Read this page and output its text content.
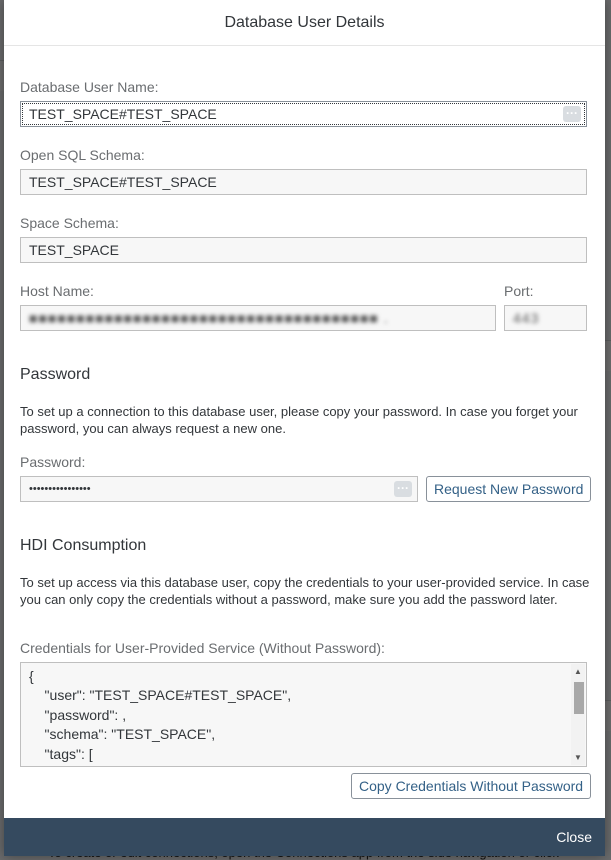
Database User Details
Database User Name:
TEST_SPACE#TEST_SPACE	···
Open SQL Schema:
TEST_SPACE#TEST_SPACE
Space Schema:
TEST_SPACE
Host Name:
■■■■■■■■■■■■■■■■■■■■■■■■■■■■■■■■■■■■■ .
Port:
443
Password
To set up a connection to this database user, please copy your password. In case you forget your password, you can always request a new one.
Password:
••••••••••••••••	···	Request New Password
HDI Consumption
To set up access via this database user, copy the credentials to your user-provided service. In case you can only copy the credentials without a password, make sure you add the password later.
Credentials for User-Provided Service (Without Password):
{
"user": "TEST_SPACE#TEST_SPACE",
"password": ,
"schema": "TEST_SPACE",
"tags": [
▲
▼
Copy Credentials Without Password
Close
